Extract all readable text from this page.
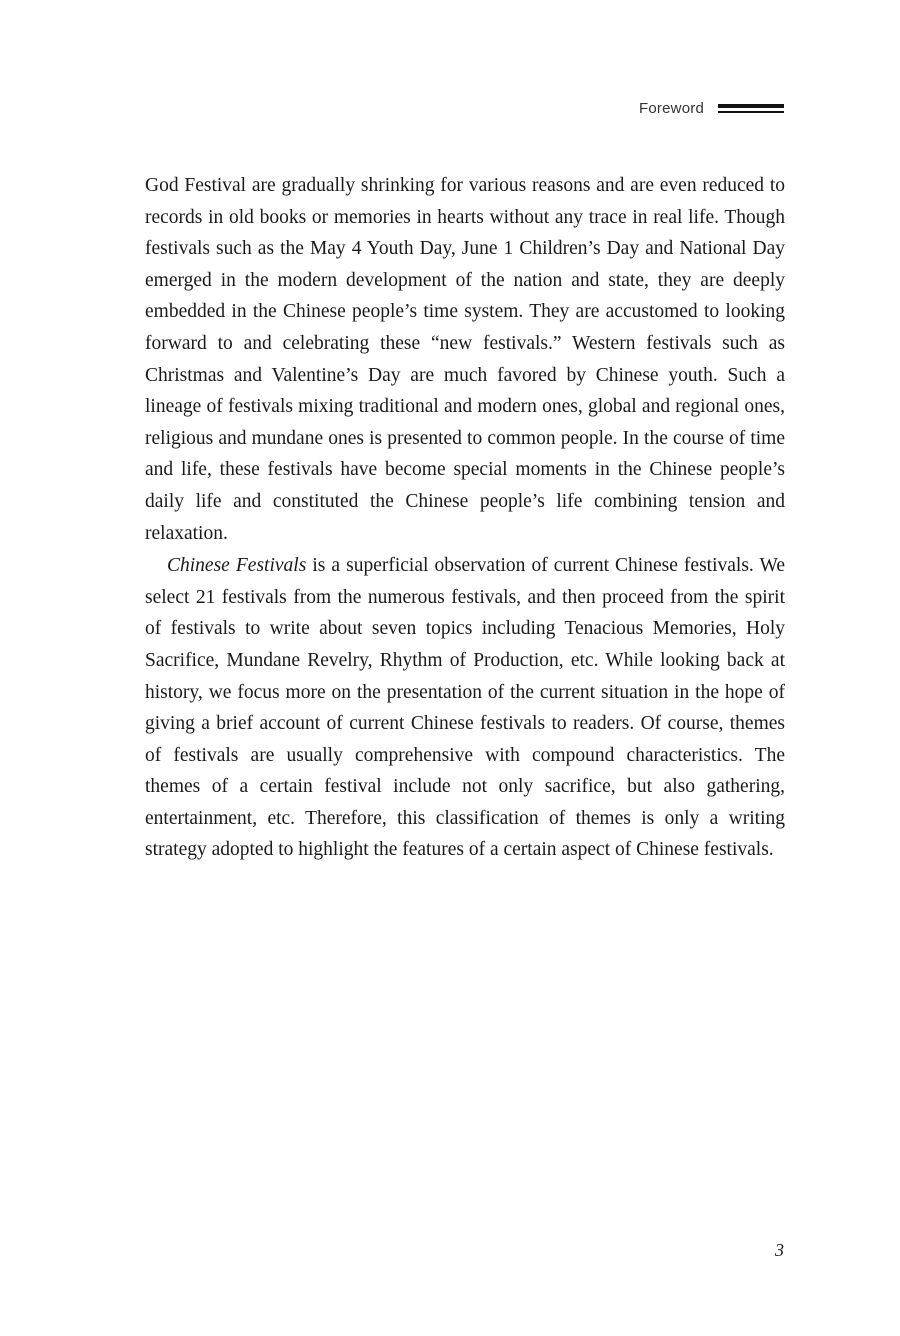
Foreword

God Festival are gradually shrinking for various reasons and are even reduced to records in old books or memories in hearts without any trace in real life. Though festivals such as the May 4 Youth Day, June 1 Children’s Day and National Day emerged in the modern development of the nation and state, they are deeply embedded in the Chinese people’s time system. They are accustomed to looking forward to and celebrating these “new festivals.” Western festivals such as Christmas and Valentine’s Day are much favored by Chinese youth. Such a lineage of festivals mixing traditional and modern ones, global and regional ones, religious and mundane ones is presented to common people. In the course of time and life, these festivals have become special moments in the Chinese people’s daily life and constituted the Chinese people’s life combining tension and relaxation.

Chinese Festivals is a superficial observation of current Chinese festivals. We select 21 festivals from the numerous festivals, and then proceed from the spirit of festivals to write about seven topics including Tenacious Memories, Holy Sacrifice, Mundane Revelry, Rhythm of Production, etc. While looking back at history, we focus more on the presentation of the current situation in the hope of giving a brief account of current Chinese festivals to readers. Of course, themes of festivals are usually comprehensive with compound characteristics. The themes of a certain festival include not only sacrifice, but also gathering, entertainment, etc. Therefore, this classification of themes is only a writing strategy adopted to highlight the features of a certain aspect of Chinese festivals.

3
